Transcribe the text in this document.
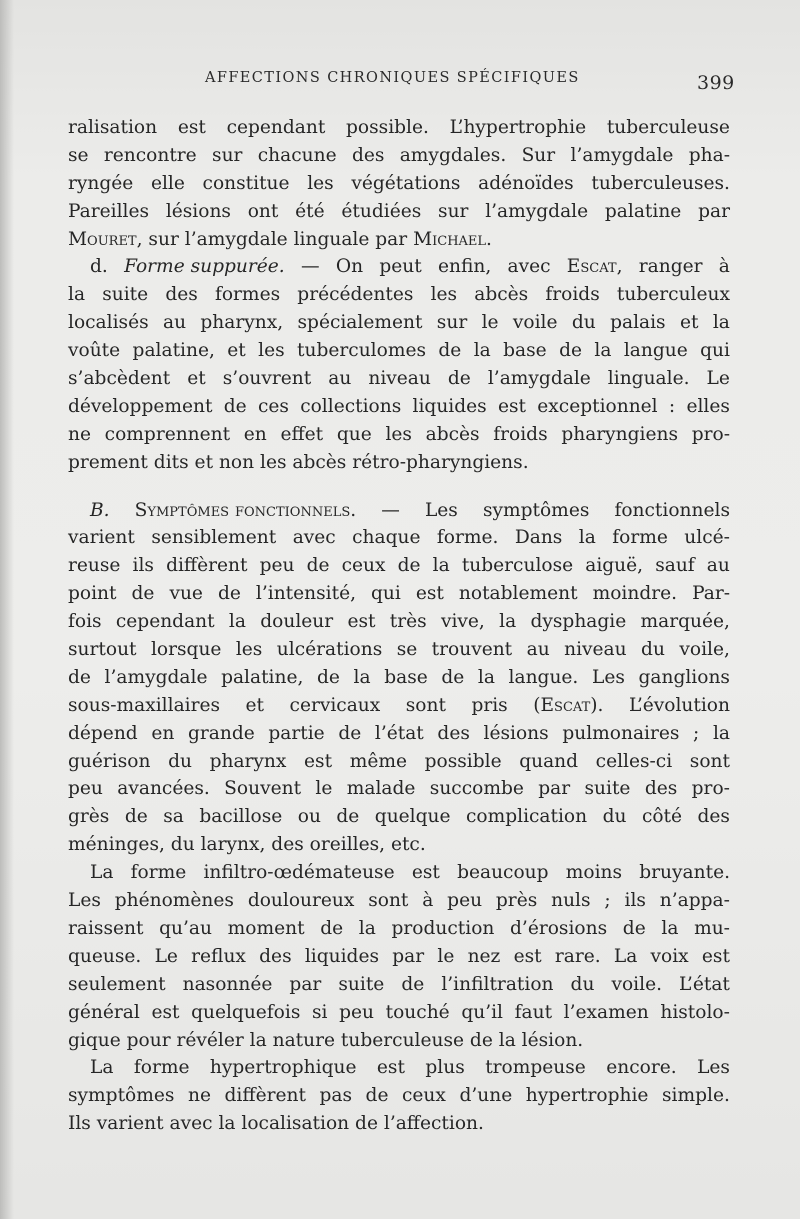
AFFECTIONS CHRONIQUES SPÉCIFIQUES	399
ralisation est cependant possible. L’hypertrophie tuberculeuse
se rencontre sur chacune des amygdales. Sur l’amygdale pha-
ryngée elle constitue les végétations adénoïdes tuberculeuses.
Pareilles lésions ont été étudiées sur l’amygdale palatine par
Mouret , sur l’amygdale linguale par
Michael .
d. Forme suppurée. — On peut enfin, avec Escat, ranger à
la suite des formes précédentes les abcès froids tuberculeux
localisés au pharynx, spécialement sur le voile du palais et la
voûte palatine, et les tuberculomes de la base de la langue qui
s’abcèdent et s’ouvrent au niveau de l’amygdale linguale. Le
développement de ces collections liquides est exceptionnel : elles
ne comprennent en effet que les abcès froids pharyngiens pro-
prement dits et non les abcès rétro-pharyngiens.
B. Symptômes fonctionnels. — Les symptômes fonctionnels
varient sensiblement avec chaque forme. Dans la forme ulcé-
reuse ils diffèrent peu de ceux de la tuberculose aiguë, sauf au
point de vue de l’intensité, qui est notablement moindre. Par-
fois cependant la douleur est très vive, la dysphagie marquée,
surtout lorsque les ulcérations se trouvent au niveau du voile,
de l’amygdale palatine, de la base de la langue. Les ganglions
sous-maxillaires et cervicaux sont pris (Escat). L’évolution
dépend en grande partie de l’état des lésions pulmonaires ; la
guérison du pharynx est même possible quand celles-ci sont
peu avancées. Souvent le malade succombe par suite des pro-
grès de sa bacillose ou de quelque complication du côté des
méninges, du larynx, des oreilles, etc.
La forme infiltro-œdémateuse est beaucoup moins bruyante.
Les phénomènes douloureux sont à peu près nuls ; ils n’appa-
raissent qu’au moment de la production d’érosions de la mu-
queuse. Le reflux des liquides par le nez est rare. La voix est
seulement nasonnée par suite de l’infiltration du voile. L’état
général est quelquefois si peu touché qu’il faut l’examen histolo-
gique pour révéler la nature tuberculeuse de la lésion.
La forme hypertrophique est plus trompeuse encore. Les
symptômes ne diffèrent pas de ceux d’une hypertrophie simple.
Ils varient avec la localisation de l’affection.
